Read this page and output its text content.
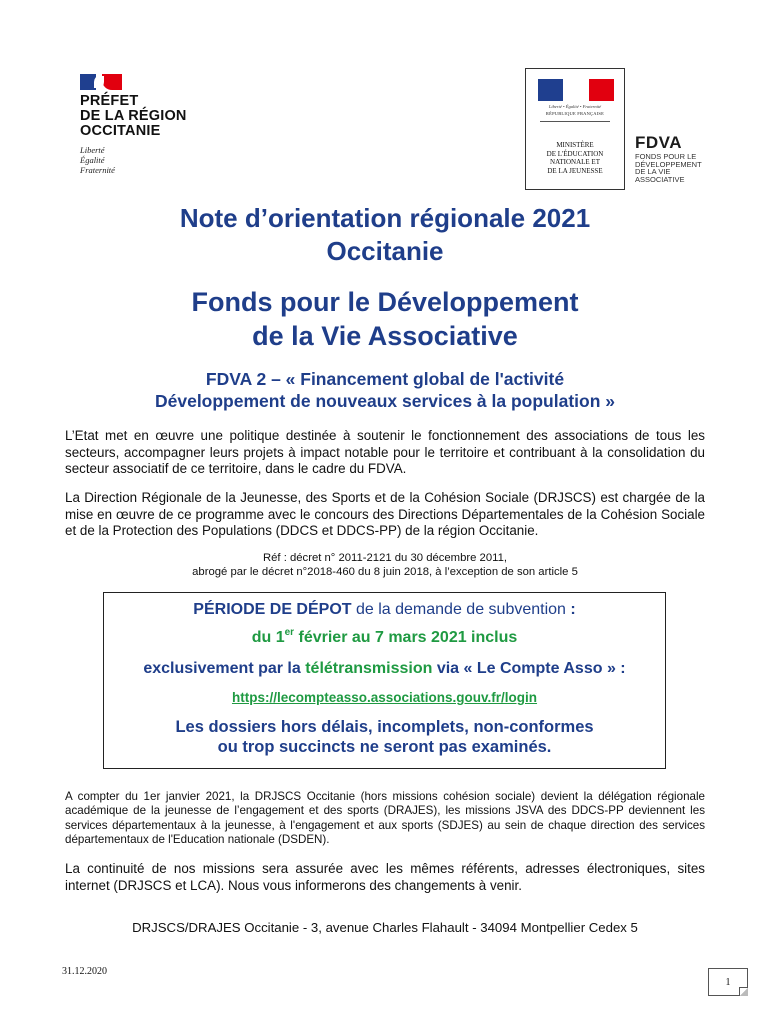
PRÉFET
DE LA RÉGION
OCCITANIE
Liberté
Égalité
Fraternité
Liberté • Égalité • Fraternité
RÉPUBLIQUE FRANÇAISE
MINISTÈRE
DE L'ÉDUCATION
NATIONALE ET
DE LA JEUNESSE
FDVA
FONDS POUR LE
DÉVELOPPEMENT
DE LA VIE
ASSOCIATIVE
Note d’orientation régionale 2021
Occitanie
Fonds pour le Développement
de la Vie Associative
FDVA 2 – « Financement global de l'activité
Développement de nouveaux services à la population »
L’Etat met en œuvre une politique destinée à soutenir le fonctionnement des associations de tous les secteurs, accompagner leurs projets à impact notable pour le territoire et contribuant à la consolidation du secteur associatif de ce territoire, dans le cadre du FDVA.
La Direction Régionale de la Jeunesse, des Sports et de la Cohésion Sociale (DRJSCS) est chargée de la mise en œuvre de ce programme avec le concours des Directions Départementales de la Cohésion Sociale et de la Protection des Populations (DDCS et DDCS-PP) de la région Occitanie.
Réf : décret n° 2011-2121 du 30 décembre 2011,
abrogé par le décret n°2018-460 du 8 juin 2018, à l’exception de son article 5
PÉRIODE DE DÉPOT de la demande de subvention :
du 1er février au 7 mars 2021 inclus
exclusivement par la télétransmission via « Le Compte Asso » :
https://lecompteasso.associations.gouv.fr/login
Les dossiers hors délais, incomplets, non-conformes
ou trop succincts ne seront pas examinés.
A compter du 1er janvier 2021, la DRJSCS Occitanie (hors missions cohésion sociale) devient la délégation régionale académique de la jeunesse de l’engagement et des sports (DRAJES), les missions JSVA des DDCS-PP deviennent les services départementaux à la jeunesse, à l'engagement et aux sports (SDJES) au sein de chaque direction des services départementaux de l'Education nationale (DSDEN).
La continuité de nos missions sera assurée avec les mêmes référents, adresses électroniques, sites internet (DRJSCS et LCA). Nous vous informerons des changements à venir.
DRJSCS/DRAJES Occitanie - 3, avenue Charles Flahault - 34094 Montpellier Cedex 5
31.12.2020
1
